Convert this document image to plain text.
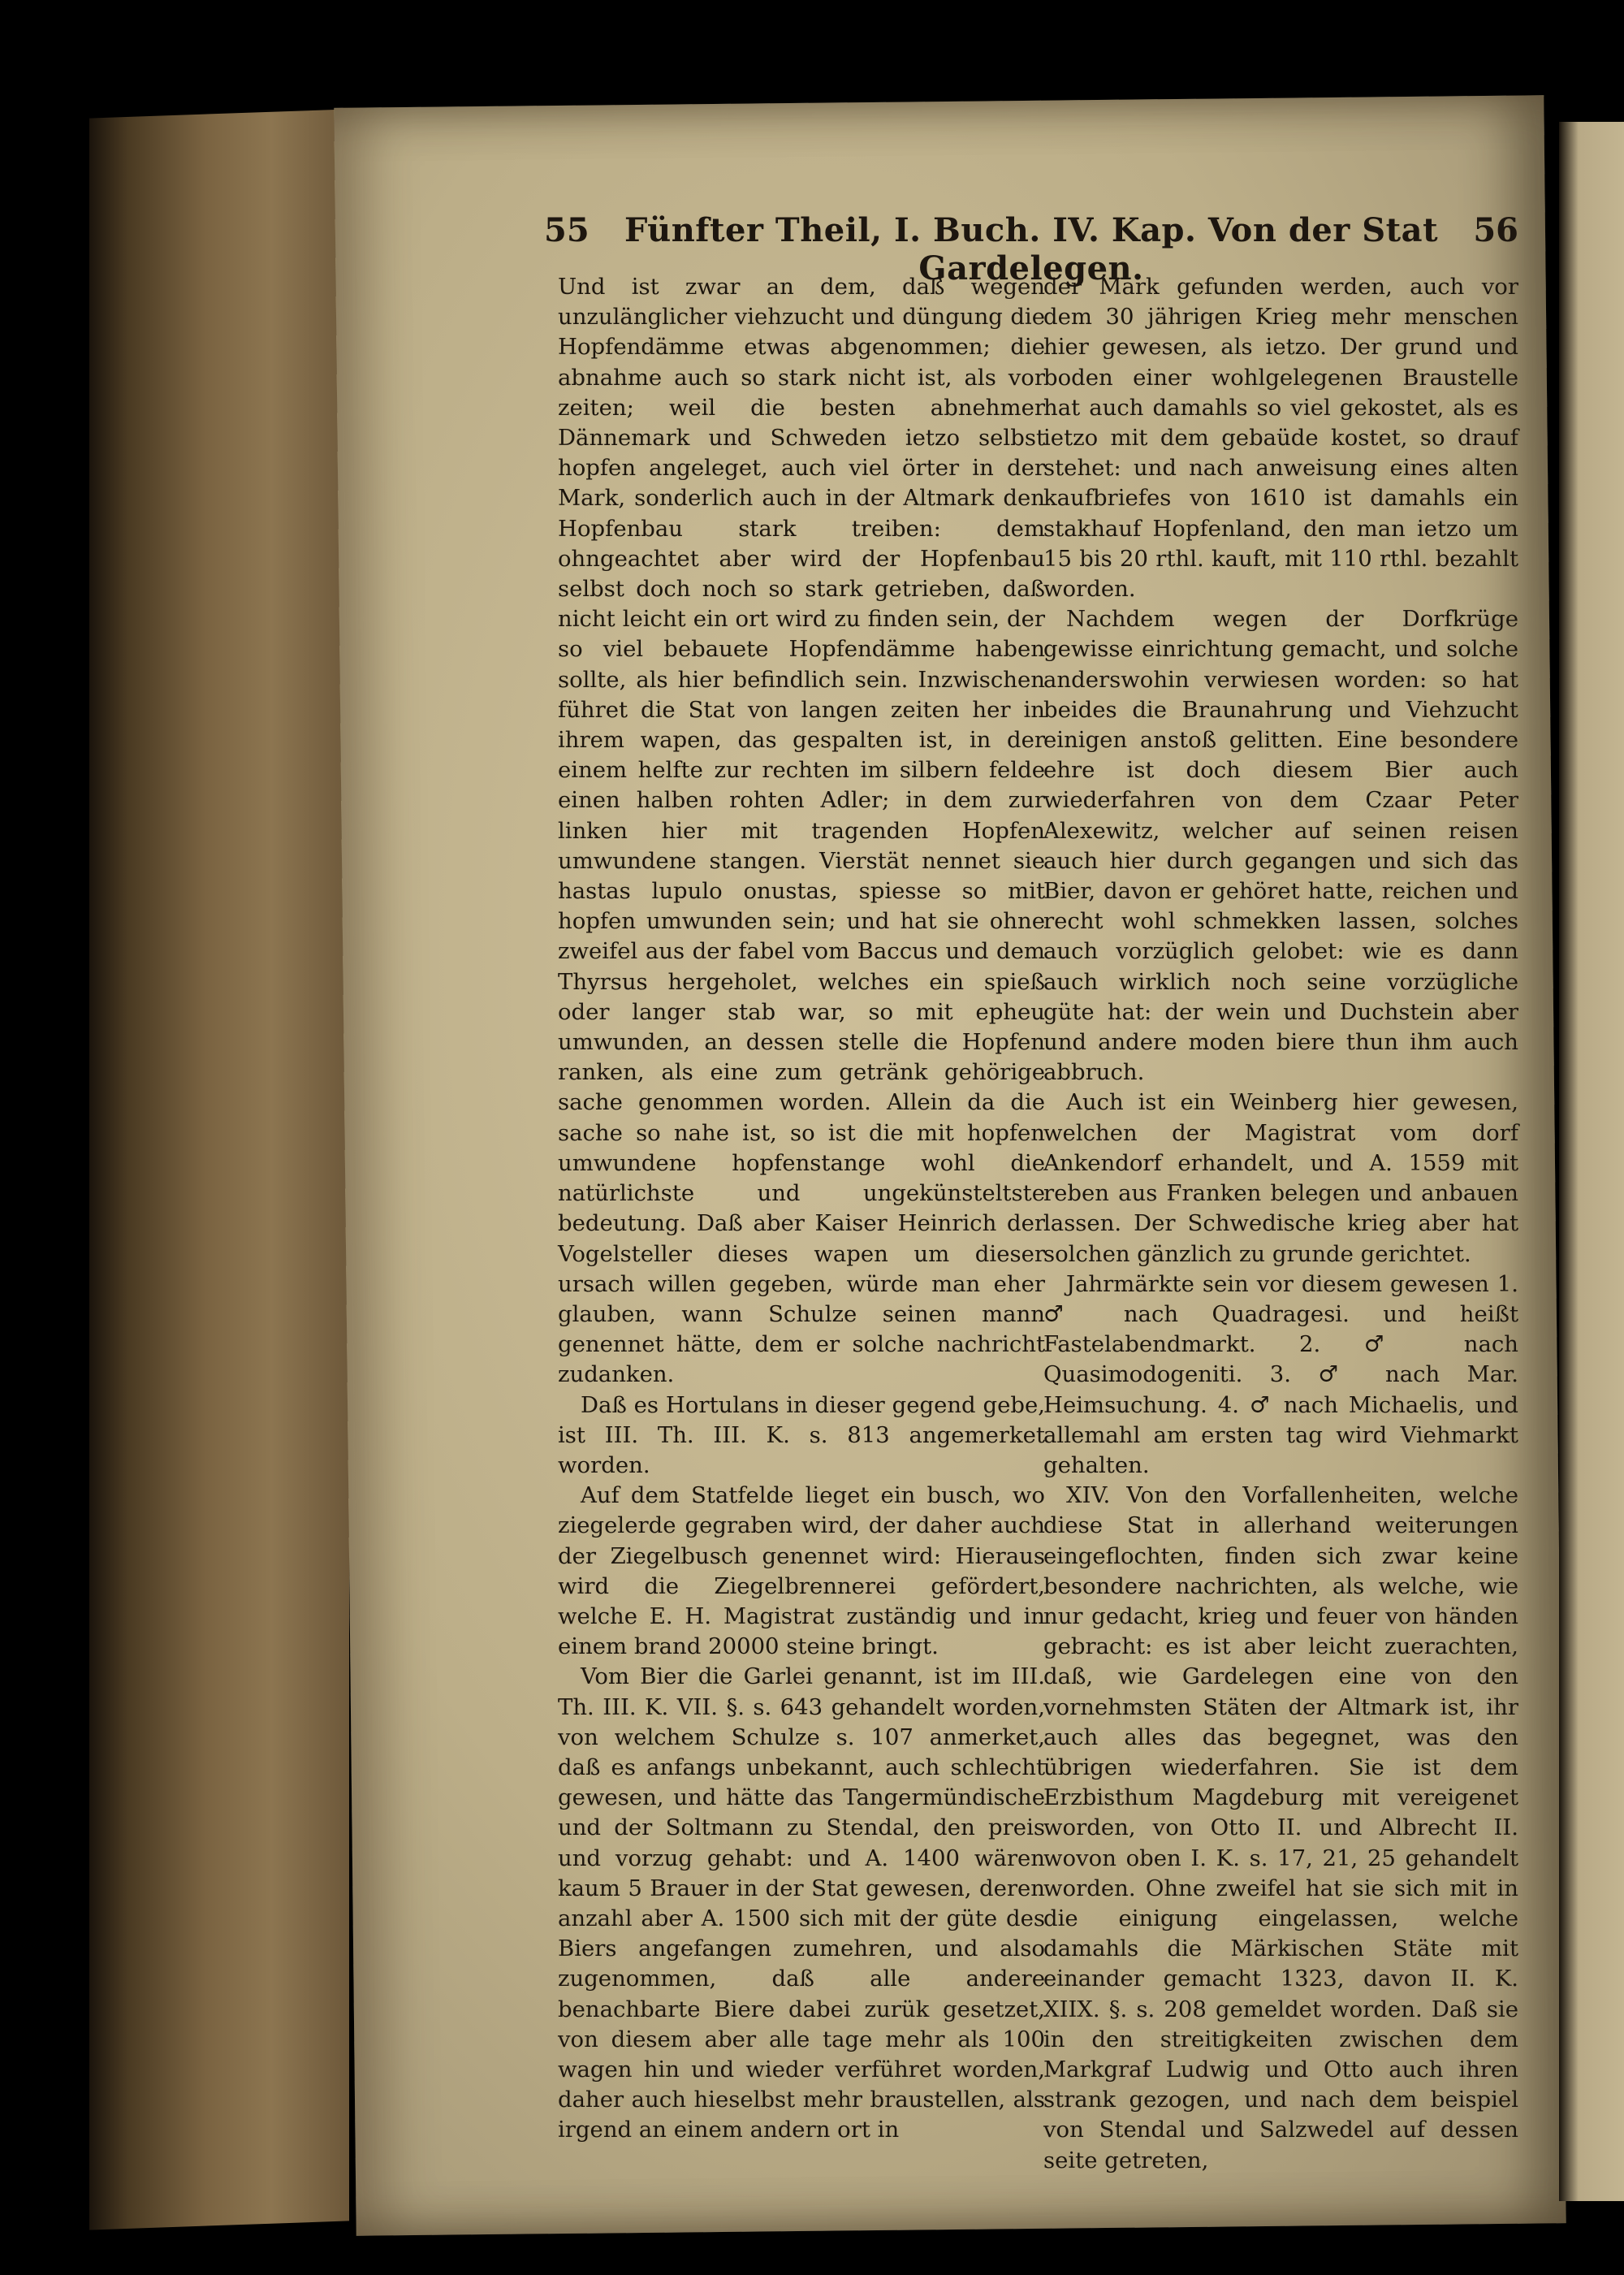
55	Fünfter Theil, I. Buch. IV. Kap. Von der Stat Gardelegen.
56

Und ist zwar an dem, daß wegen unzulänglicher viehzucht und düngung die Hopfendämme etwas abgenommen; die abnahme auch so stark nicht ist, als vor zeiten; weil die besten abnehmer Dännemark und Schweden ietzo selbst hopfen angeleget, auch viel örter in der Mark, sonderlich auch in der Altmark den Hopfenbau stark treiben: dem ohngeachtet aber wird der Hopfenbau selbst doch noch so stark getrieben, daß nicht leicht ein ort wird zu finden sein, der so viel bebauete Hopfendämme haben sollte, als hier befindlich sein. Inzwischen führet die Stat von langen zeiten her in ihrem wapen, das gespalten ist, in der einem helfte zur rechten im silbern felde einen halben rohten Adler; in dem zur linken hier mit tragenden Hopfen umwundene stangen. Vierstät nennet sie hastas lupulo onustas, spiesse so mit hopfen umwunden sein; und hat sie ohne zweifel aus der fabel vom Baccus und dem Thyrsus hergeholet, welches ein spieß oder langer stab war, so mit epheu umwunden, an dessen stelle die Hopfen ranken, als eine zum getränk gehörige sache genommen worden. Allein da die sache so nahe ist, so ist die mit hopfen umwundene hopfenstange wohl die natürlichste und ungekünsteltste bedeutung. Daß aber Kaiser Heinrich der Vogelsteller dieses wapen um dieser ursach willen gegeben, würde man eher glauben, wann Schulze seinen mann genennet hätte, dem er solche nachricht zudanken.

Daß es Hortulans in dieser gegend gebe, ist III. Th. III. K. s. 813 angemerket worden.

Auf dem Statfelde lieget ein busch, wo ziegelerde gegraben wird, der daher auch der Ziegelbusch genennet wird: Hieraus wird die Ziegelbrennerei gefördert, welche E. H. Magistrat zuständig und in einem brand 20000 steine bringt.

Vom Bier die Garlei genannt, ist im III. Th. III. K. VII. §. s. 643 gehandelt worden, von welchem Schulze s. 107 anmerket, daß es anfangs unbekannt, auch schlecht gewesen, und hätte das Tangermündische und der Soltmann zu Stendal, den preis und vorzug gehabt: und A. 1400 wären kaum 5 Brauer in der Stat gewesen, deren anzahl aber A. 1500 sich mit der güte des Biers angefangen zumehren, und also zugenommen, daß alle andere benachbarte Biere dabei zurük gesetzet, von diesem aber alle tage mehr als 100 wagen hin und wieder verführet worden, daher auch hieselbst mehr braustellen, als irgend an einem andern ort in

der Mark gefunden werden, auch vor dem 30 jährigen Krieg mehr menschen hier gewesen, als ietzo. Der grund und boden einer wohlgelegenen Braustelle hat auch damahls so viel gekostet, als es ietzo mit dem gebaüde kostet, so drauf stehet: und nach anweisung eines alten kaufbriefes von 1610 ist damahls ein stakhauf Hopfenland, den man ietzo um 15 bis 20 rthl. kauft, mit 110 rthl. bezahlt worden.

Nachdem wegen der Dorfkrüge gewisse einrichtung gemacht, und solche anderswohin verwiesen worden: so hat beides die Braunahrung und Viehzucht einigen anstoß gelitten. Eine besondere ehre ist doch diesem Bier auch wiederfahren von dem Czaar Peter Alexewitz, welcher auf seinen reisen auch hier durch gegangen und sich das Bier, davon er gehöret hatte, reichen und recht wohl schmekken lassen, solches auch vorzüglich gelobet: wie es dann auch wirklich noch seine vorzügliche güte hat: der wein und Duchstein aber und andere moden biere thun ihm auch abbruch.

Auch ist ein Weinberg hier gewesen, welchen der Magistrat vom dorf Ankendorf erhandelt, und A. 1559 mit reben aus Franken belegen und anbauen lassen. Der Schwedische krieg aber hat solchen gänzlich zu grunde gerichtet.

Jahrmärkte sein vor diesem gewesen 1. ♂ nach Quadragesi. und heißt Fastelabendmarkt. 2. ♂ nach Quasimodogeniti. 3. ♂ nach Mar. Heimsuchung. 4. ♂ nach Michaelis, und allemahl am ersten tag wird Viehmarkt gehalten.

XIV. Von den Vorfallenheiten, welche diese Stat in allerhand weiterungen eingeflochten, finden sich zwar keine besondere nachrichten, als welche, wie nur gedacht, krieg und feuer von händen gebracht: es ist aber leicht zuerachten, daß, wie Gardelegen eine von den vornehmsten Stäten der Altmark ist, ihr auch alles das begegnet, was den übrigen wiederfahren. Sie ist dem Erzbisthum Magdeburg mit vereigenet worden, von Otto II. und Albrecht II. wovon oben I. K. s. 17, 21, 25 gehandelt worden. Ohne zweifel hat sie sich mit in die einigung eingelassen, welche damahls die Märkischen Stäte mit einander gemacht 1323, davon II. K. XIIX. §. s. 208 gemeldet worden. Daß sie in den streitigkeiten zwischen dem Markgraf Ludwig und Otto auch ihren strank gezogen, und nach dem beispiel von Stendal und Salzwedel auf dessen seite getreten,
